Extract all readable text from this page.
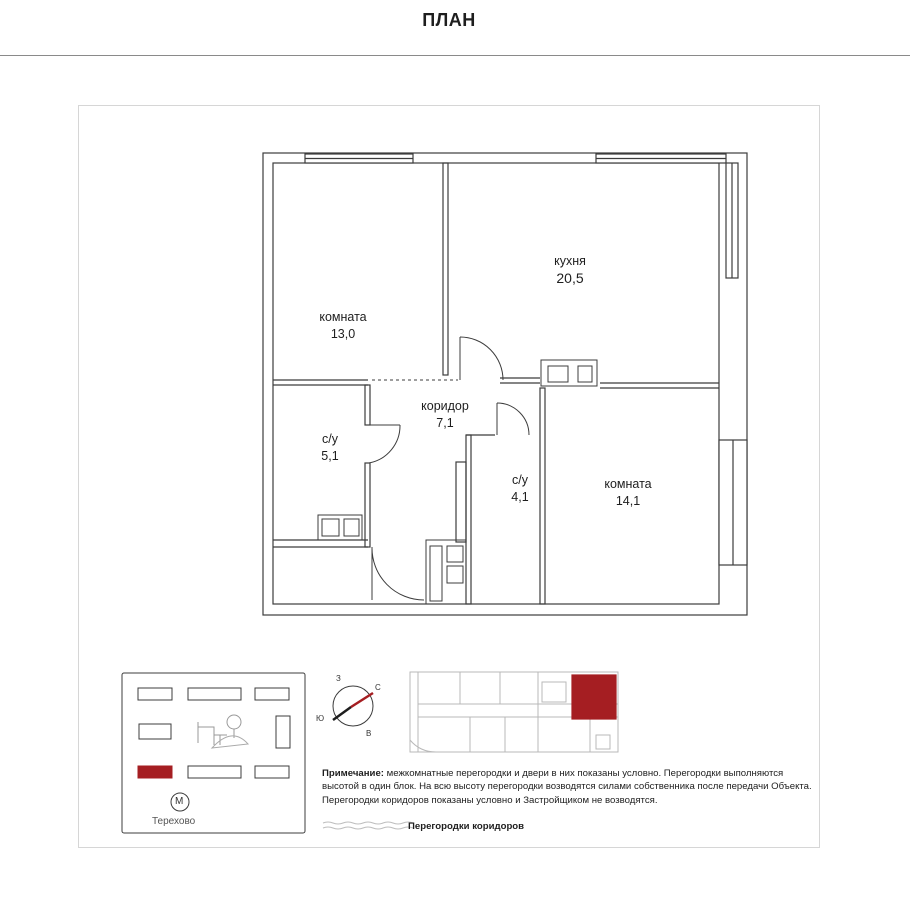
ПЛАН
комната
13,0
кухня
20,5
коридор
7,1
с/у
5,1
с/у
4,1
комната
14,1
З
С
Ю
В
М
Терехово
Примечание: межкомнатные перегородки и двери в них показаны условно. Перегородки выполняются высотой в один блок. На всю высоту перегородки возводятся силами собственника после передачи Объекта. Перегородки коридоров показаны условно и Застройщиком не возводятся.
Перегородки коридоров
